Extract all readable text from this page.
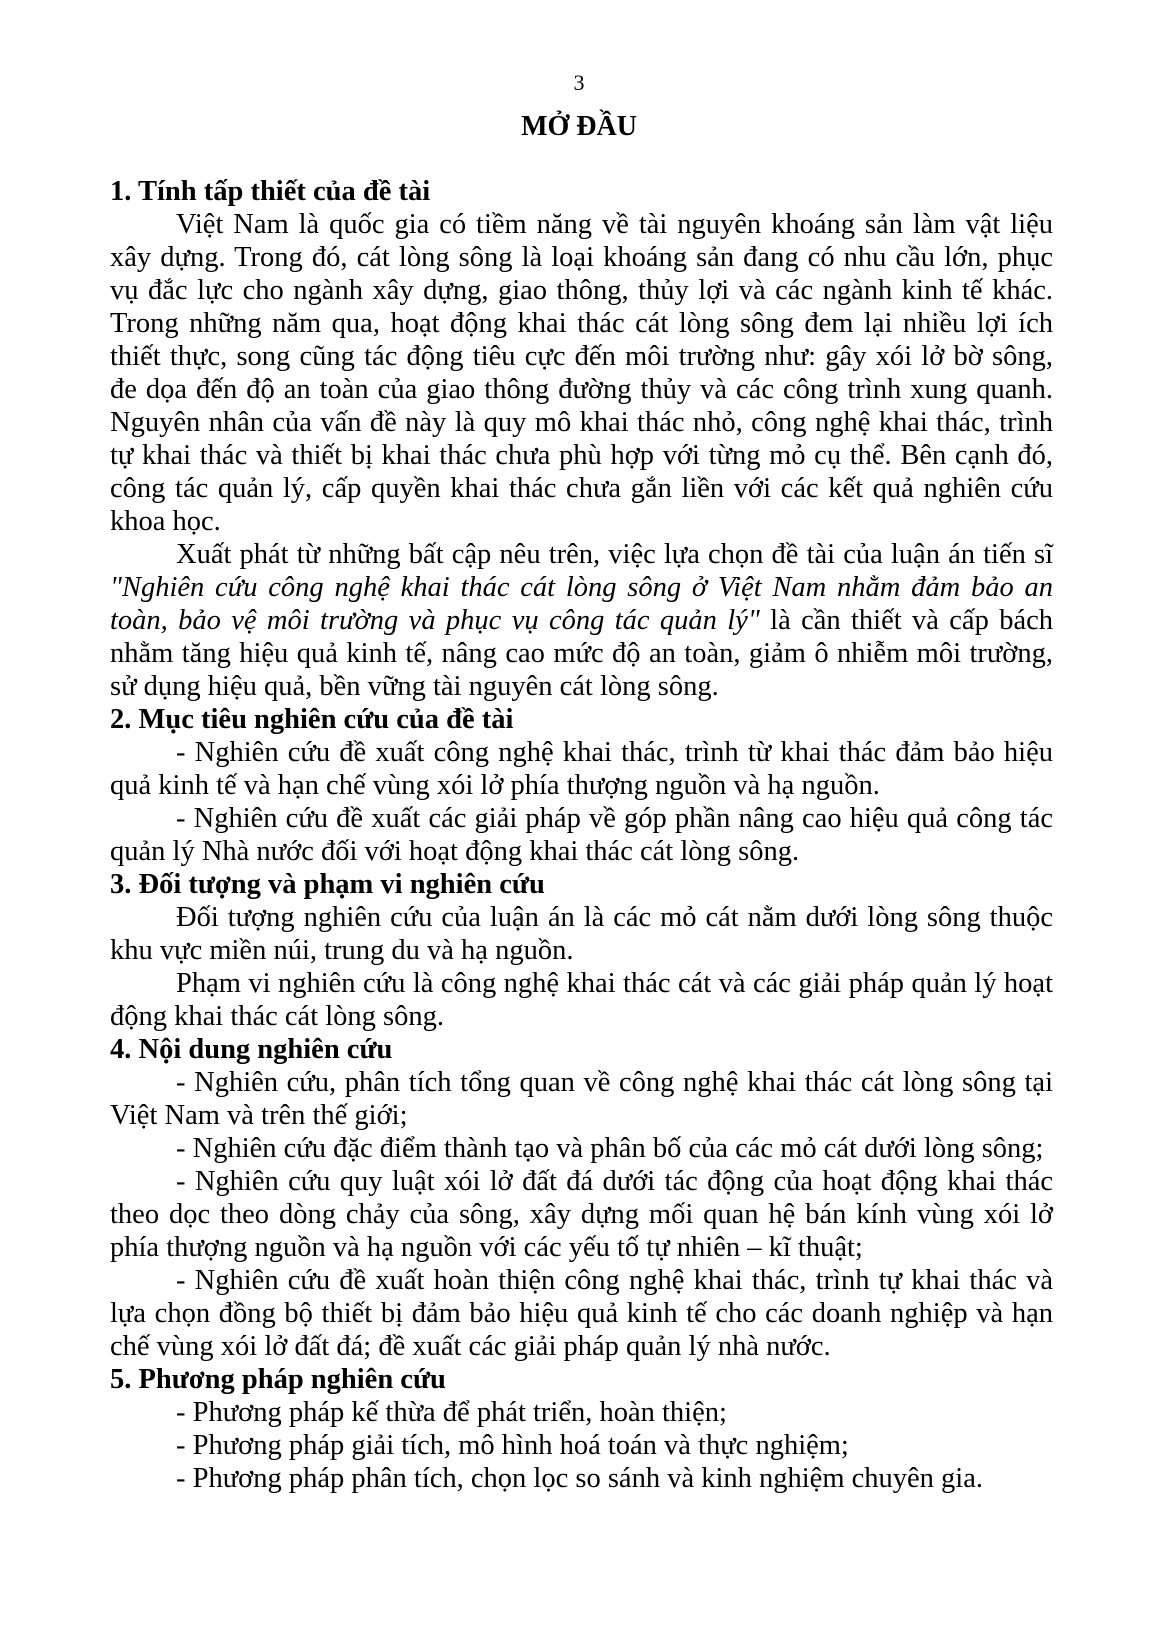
3
MỞ ĐẦU
1. Tính tấp thiết của đề tài

Việt Nam là quốc gia có tiềm năng về tài nguyên khoáng sản làm vật liệu xây dựng. Trong đó, cát lòng sông là loại khoáng sản đang có nhu cầu lớn, phục vụ đắc lực cho ngành xây dựng, giao thông, thủy lợi và các ngành kinh tế khác. Trong những năm qua, hoạt động khai thác cát lòng sông đem lại nhiều lợi ích thiết thực, song cũng tác động tiêu cực đến môi trường như: gây xói lở bờ sông, đe dọa đến độ an toàn của giao thông đường thủy và các công trình xung quanh. Nguyên nhân của vấn đề này là quy mô khai thác nhỏ, công nghệ khai thác, trình tự khai thác và thiết bị khai thác chưa phù hợp với từng mỏ cụ thể. Bên cạnh đó, công tác quản lý, cấp quyền khai thác chưa gắn liền với các kết quả nghiên cứu khoa học.

Xuất phát từ những bất cập nêu trên, việc lựa chọn đề tài của luận án tiến sĩ "Nghiên cứu công nghệ khai thác cát lòng sông ở Việt Nam nhằm đảm bảo an toàn, bảo vệ môi trường và phục vụ công tác quản lý" là cần thiết và cấp bách nhằm tăng hiệu quả kinh tế, nâng cao mức độ an toàn, giảm ô nhiễm môi trường, sử dụng hiệu quả, bền vững tài nguyên cát lòng sông.

2. Mục tiêu nghiên cứu của đề tài

- Nghiên cứu đề xuất công nghệ khai thác, trình từ khai thác đảm bảo hiệu quả kinh tế và hạn chế vùng xói lở phía thượng nguồn và hạ nguồn.

- Nghiên cứu đề xuất các giải pháp về góp phần nâng cao hiệu quả công tác quản lý Nhà nước đối với hoạt động khai thác cát lòng sông.

3. Đối tượng và phạm vi nghiên cứu

Đối tượng nghiên cứu của luận án là các mỏ cát nằm dưới lòng sông thuộc khu vực miền núi, trung du và hạ nguồn.

Phạm vi nghiên cứu là công nghệ khai thác cát và các giải pháp quản lý hoạt động khai thác cát lòng sông.

4. Nội dung nghiên cứu

- Nghiên cứu, phân tích tổng quan về công nghệ khai thác cát lòng sông tại Việt Nam và trên thế giới;

- Nghiên cứu đặc điểm thành tạo và phân bố của các mỏ cát dưới lòng sông;

- Nghiên cứu quy luật xói lở đất đá dưới tác động của hoạt động khai thác theo dọc theo dòng chảy của sông, xây dựng mối quan hệ bán kính vùng xói lở phía thượng nguồn và hạ nguồn với các yếu tố tự nhiên – kĩ thuật;

- Nghiên cứu đề xuất hoàn thiện công nghệ khai thác, trình tự khai thác và lựa chọn đồng bộ thiết bị đảm bảo hiệu quả kinh tế cho các doanh nghiệp và hạn chế vùng xói lở đất đá; đề xuất các giải pháp quản lý nhà nước.

5. Phương pháp nghiên cứu

- Phương pháp kế thừa để phát triển, hoàn thiện;

- Phương pháp giải tích, mô hình hoá toán và thực nghiệm;

- Phương pháp phân tích, chọn lọc so sánh và kinh nghiệm chuyên gia.
